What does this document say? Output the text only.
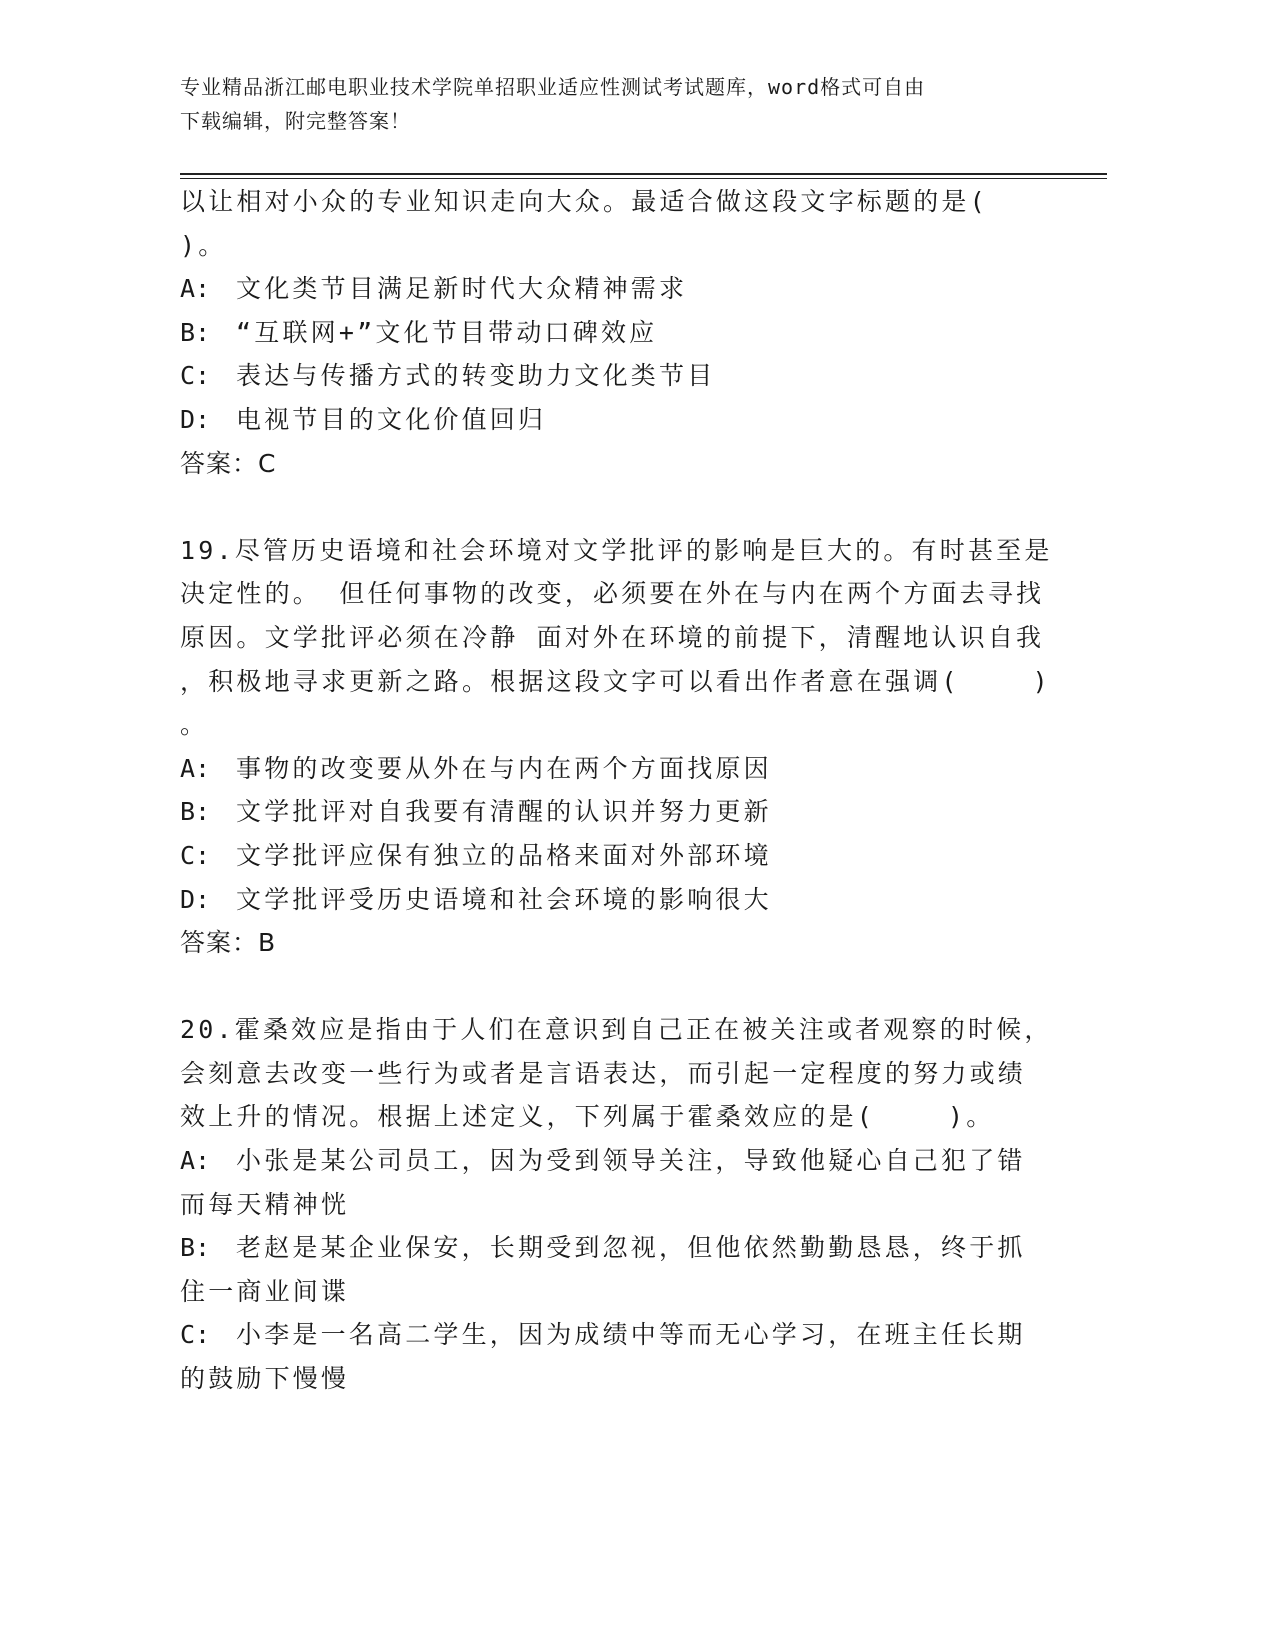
专业精品浙江邮电职业技术学院单招职业适应性测试考试题库，word格式可自由
下载编辑，附完整答案！
以让相对小众的专业知识走向大众。最适合做这段文字标题的是(
)。
A:	文化类节目满足新时代大众精神需求
B:	“互联网+”文化节目带动口碑效应
C:	表达与传播方式的转变助力文化类节目
D:	电视节目的文化价值回归
答案：C
19.尽管历史语境和社会环境对文学批评的影响是巨大的。有时甚至是
决定性的。 但任何事物的改变，必须要在外在与内在两个方面去寻找
原因。文学批评必须在冷静 面对外在环境的前提下，清醒地认识自我
，积极地寻求更新之路。根据这段文字可以看出作者意在强调(    )
。
A:	事物的改变要从外在与内在两个方面找原因
B:	文学批评对自我要有清醒的认识并努力更新
C:	文学批评应保有独立的品格来面对外部环境
D:	文学批评受历史语境和社会环境的影响很大
答案：B
20.霍桑效应是指由于人们在意识到自己正在被关注或者观察的时候，
会刻意去改变一些行为或者是言语表达，而引起一定程度的努力或绩
效上升的情况。根据上述定义，下列属于霍桑效应的是(    )。
A:	小张是某公司员工，因为受到领导关注，导致他疑心自己犯了错
而每天精神恍
B:	老赵是某企业保安，长期受到忽视，但他依然勤勤恳恳，终于抓
住一商业间谍
C:	小李是一名高二学生，因为成绩中等而无心学习，在班主任长期
的鼓励下慢慢
